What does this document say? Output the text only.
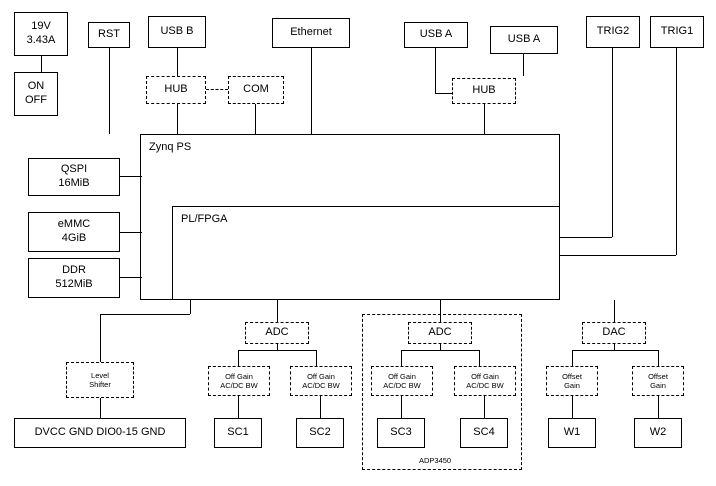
ADP3450
19V
3.43A
ON
OFF
RST	USB B	Ethernet	USB A	USB A
TRIG2	TRIG1
HUB	COM	HUB
Zynq PS
PL/FPGA
QSPI
16MiB
eMMC
4GiB
DDR
512MiB
ADC	ADC	DAC
Level
Shifter
DVCC GND DIO0-15 GND
Off Gain
AC/DC BW
Off Gain
AC/DC BW
Off Gain
AC/DC BW
Off Gain
AC/DC BW
Offset
Gain
Offset
Gain
SC1	SC2	SC3	SC4	W1	W2
